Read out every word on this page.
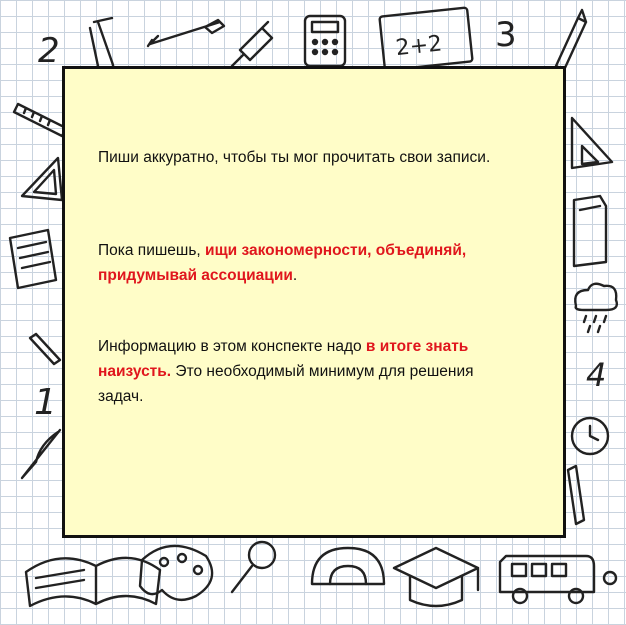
2	2+2 3
1
4

Пиши аккуратно, чтобы ты мог прочитать свои записи.

Пока пишешь, ищи закономерности, объединяй, придумывай ассоциации.

Информацию в этом конспекте надо в итоге знать наизусть. Это необходимый минимум для решения задач.
